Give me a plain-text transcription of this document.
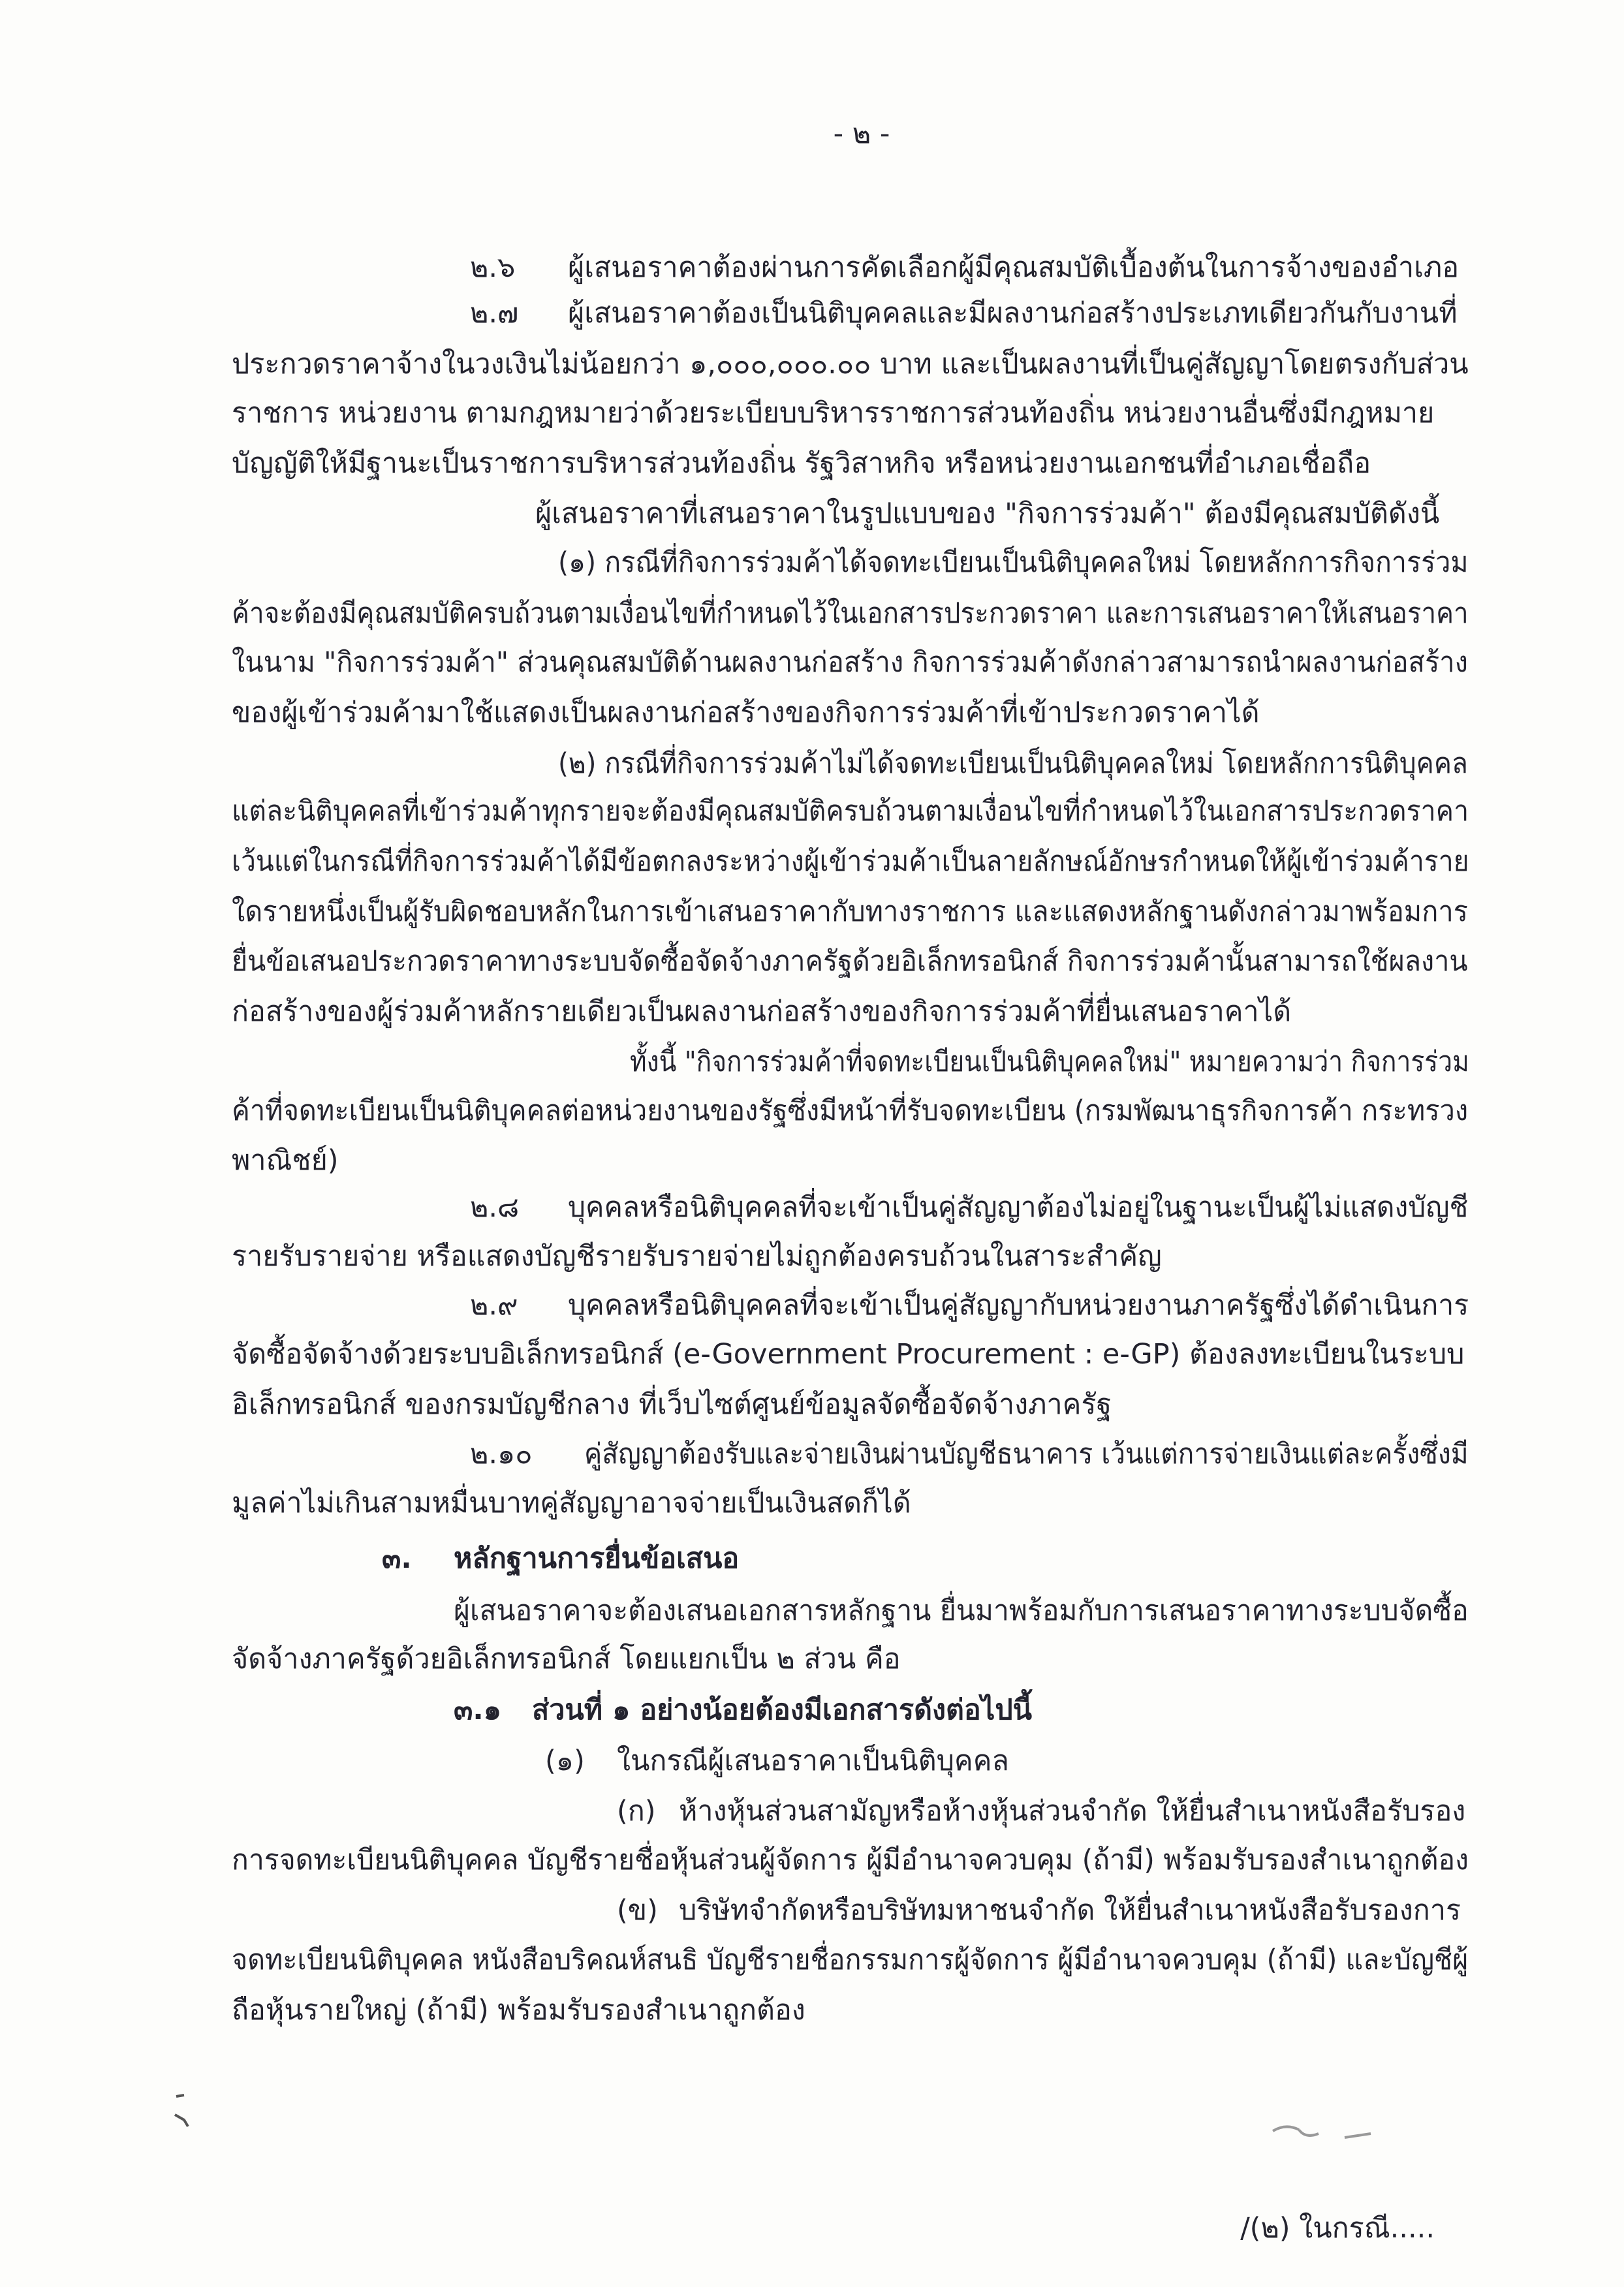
- ๒ -
๒.๖ ผู้เสนอราคาต้องผ่านการคัดเลือกผู้มีคุณสมบัติเบื้องต้นในการจ้างของอำเภอ
๒.๗ ผู้เสนอราคาต้องเป็นนิติบุคคลและมีผลงานก่อสร้างประเภทเดียวกันกับงานที่
ประกวดราคาจ้างในวงเงินไม่น้อยกว่า ๑,๐๐๐,๐๐๐.๐๐ บาท และเป็นผลงานที่เป็นคู่สัญญาโดยตรงกับส่วน
ราชการ หน่วยงาน ตามกฎหมายว่าด้วยระเบียบบริหารราชการส่วนท้องถิ่น หน่วยงานอื่นซึ่งมีกฎหมาย
บัญญัติให้มีฐานะเป็นราชการบริหารส่วนท้องถิ่น รัฐวิสาหกิจ หรือหน่วยงานเอกชนที่อำเภอเชื่อถือ
ผู้เสนอราคาที่เสนอราคาในรูปแบบของ "กิจการร่วมค้า" ต้องมีคุณสมบัติดังนี้
(๑) กรณีที่กิจการร่วมค้าได้จดทะเบียนเป็นนิติบุคคลใหม่ โดยหลักการกิจการร่วม
ค้าจะต้องมีคุณสมบัติครบถ้วนตามเงื่อนไขที่กำหนดไว้ในเอกสารประกวดราคา และการเสนอราคาให้เสนอราคา
ในนาม "กิจการร่วมค้า" ส่วนคุณสมบัติด้านผลงานก่อสร้าง กิจการร่วมค้าดังกล่าวสามารถนำผลงานก่อสร้าง
ของผู้เข้าร่วมค้ามาใช้แสดงเป็นผลงานก่อสร้างของกิจการร่วมค้าที่เข้าประกวดราคาได้
(๒) กรณีที่กิจการร่วมค้าไม่ได้จดทะเบียนเป็นนิติบุคคลใหม่ โดยหลักการนิติบุคคล
แต่ละนิติบุคคลที่เข้าร่วมค้าทุกรายจะต้องมีคุณสมบัติครบถ้วนตามเงื่อนไขที่กำหนดไว้ในเอกสารประกวดราคา
เว้นแต่ในกรณีที่กิจการร่วมค้าได้มีข้อตกลงระหว่างผู้เข้าร่วมค้าเป็นลายลักษณ์อักษรกำหนดให้ผู้เข้าร่วมค้าราย
ใดรายหนึ่งเป็นผู้รับผิดชอบหลักในการเข้าเสนอราคากับทางราชการ และแสดงหลักฐานดังกล่าวมาพร้อมการ
ยื่นข้อเสนอประกวดราคาทางระบบจัดซื้อจัดจ้างภาครัฐด้วยอิเล็กทรอนิกส์ กิจการร่วมค้านั้นสามารถใช้ผลงาน
ก่อสร้างของผู้ร่วมค้าหลักรายเดียวเป็นผลงานก่อสร้างของกิจการร่วมค้าที่ยื่นเสนอราคาได้
ทั้งนี้ "กิจการร่วมค้าที่จดทะเบียนเป็นนิติบุคคลใหม่" หมายความว่า กิจการร่วม
ค้าที่จดทะเบียนเป็นนิติบุคคลต่อหน่วยงานของรัฐซึ่งมีหน้าที่รับจดทะเบียน (กรมพัฒนาธุรกิจการค้า กระทรวง
พาณิชย์)
๒.๘ บุคคลหรือนิติบุคคลที่จะเข้าเป็นคู่สัญญาต้องไม่อยู่ในฐานะเป็นผู้ไม่แสดงบัญชี
รายรับรายจ่าย หรือแสดงบัญชีรายรับรายจ่ายไม่ถูกต้องครบถ้วนในสาระสำคัญ
๒.๙ บุคคลหรือนิติบุคคลที่จะเข้าเป็นคู่สัญญากับหน่วยงานภาครัฐซึ่งได้ดำเนินการ
จัดซื้อจัดจ้างด้วยระบบอิเล็กทรอนิกส์ (e-Government Procurement : e-GP) ต้องลงทะเบียนในระบบ
อิเล็กทรอนิกส์ ของกรมบัญชีกลาง ที่เว็บไซต์ศูนย์ข้อมูลจัดซื้อจัดจ้างภาครัฐ
๒.๑๐ คู่สัญญาต้องรับและจ่ายเงินผ่านบัญชีธนาคาร เว้นแต่การจ่ายเงินแต่ละครั้งซึ่งมี
มูลค่าไม่เกินสามหมื่นบาทคู่สัญญาอาจจ่ายเป็นเงินสดก็ได้
๓. หลักฐานการยื่นข้อเสนอ
ผู้เสนอราคาจะต้องเสนอเอกสารหลักฐาน ยื่นมาพร้อมกับการเสนอราคาทางระบบจัดซื้อ
จัดจ้างภาครัฐด้วยอิเล็กทรอนิกส์ โดยแยกเป็น ๒ ส่วน คือ
๓.๑ ส่วนที่ ๑ อย่างน้อยต้องมีเอกสารดังต่อไปนี้
(๑) ในกรณีผู้เสนอราคาเป็นนิติบุคคล
(ก) ห้างหุ้นส่วนสามัญหรือห้างหุ้นส่วนจำกัด ให้ยื่นสำเนาหนังสือรับรอง
การจดทะเบียนนิติบุคคล บัญชีรายชื่อหุ้นส่วนผู้จัดการ ผู้มีอำนาจควบคุม (ถ้ามี) พร้อมรับรองสำเนาถูกต้อง
(ข) บริษัทจำกัดหรือบริษัทมหาชนจำกัด ให้ยื่นสำเนาหนังสือรับรองการ
จดทะเบียนนิติบุคคล หนังสือบริคณห์สนธิ บัญชีรายชื่อกรรมการผู้จัดการ ผู้มีอำนาจควบคุม (ถ้ามี) และบัญชีผู้
ถือหุ้นรายใหญ่ (ถ้ามี) พร้อมรับรองสำเนาถูกต้อง
/(๒) ในกรณี.....
